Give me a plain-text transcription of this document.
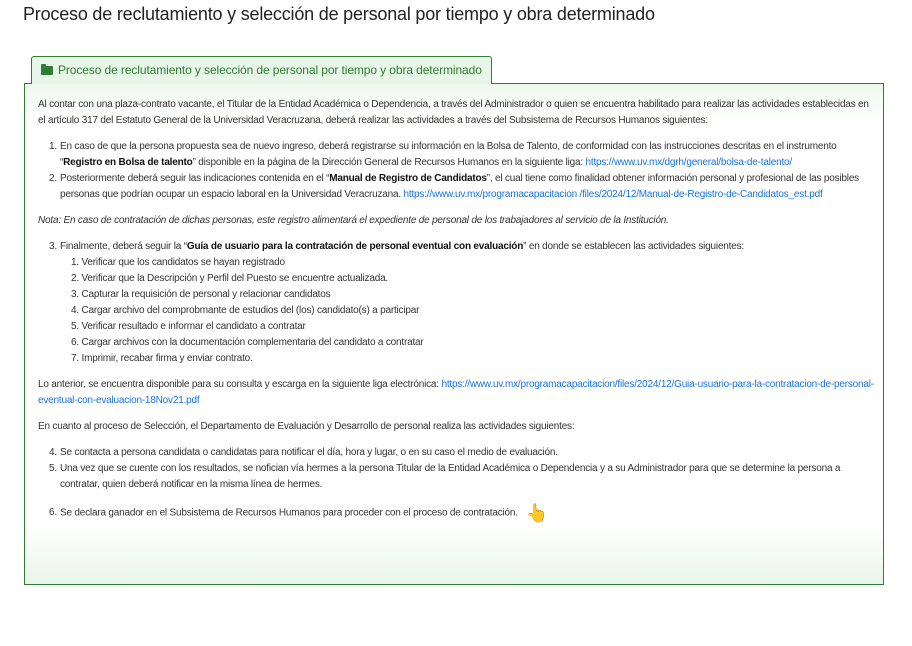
Proceso de reclutamiento y selección de personal por tiempo y obra determinado
Proceso de reclutamiento y selección de personal por tiempo y obra determinado

Al contar con una plaza-contrato vacante, el Titular de la Entidad Académica o Dependencia, a través del Administrador o quien se encuentra habilitado para realizar las actividades establecidas en el artículo 317 del Estatuto General de la Universidad Veracruzana, deberá realizar las actividades a través del Subsistema de Recursos Humanos siguientes:

1. En caso de que la persona propuesta sea de nuevo ingreso, deberá registrarse su información en la Bolsa de Talento, de conformidad con las instrucciones descritas en el instrumento “Registro en Bolsa de talento” disponible en la página de la Dirección General de Recursos Humanos en la siguiente liga: https://www.uv.mx/dgrh/general/bolsa-de-talento/
2. Posteriormente deberá seguir las indicaciones contenida en el “Manual de Registro de Candidatos”, el cual tiene como finalidad obtener información personal y profesional de las posibles personas que podrían ocupar un espacio laboral en la Universidad Veracruzana. https://www.uv.mx/programacapacitacion /files/2024/12/Manual-de-Registro-de-Candidatos_est.pdf

Nota: En caso de contratación de dichas personas, este registro alimentará el expediente de personal de los trabajadores al servicio de la Institución.

3. Finalmente, deberá seguir la “Guía de usuario para la contratación de personal eventual con evaluación” en donde se establecen las actividades siguientes:
1. Verificar que los candidatos se hayan registrado
2. Verificar que la Descripción y Perfil del Puesto se encuentre actualizada.
3. Capturar la requisición de personal y relacionar candidatos
4. Cargar archivo del comprobmante de estudios del (los) candidato(s) a participar
5. Verificar resultado e informar el candidato a contratar
6. Cargar archivos con la documentación complementaria del candidato a contratar
7. Imprimir, recabar firma y enviar contrato.

Lo anterior, se encuentra disponible para su consulta y escarga en la siguiente liga electrónica: https://www.uv.mx/programacapacitacion/files/2024/12/Guia-usuario-para-la-contratacion-de-personal-eventual-con-evaluacion-18Nov21.pdf

En cuanto al proceso de Selección, el Departamento de Evaluación y Desarrollo de personal realiza las actividades siguientes:

4. Se contacta a persona candidata o candidatas para notificar el día, hora y lugar, o en su caso el medio de evaluación.
5. Una vez que se cuente con los resultados, se nofician vía hermes a la persona Titular de la Entidad Académica o Dependencia y a su Administrador para que se determine la persona a contratar, quien deberá notificar en la misma línea de hermes.
6. Se declara ganador en el Subsistema de Recursos Humanos para proceder con el proceso de contratación. 👆
